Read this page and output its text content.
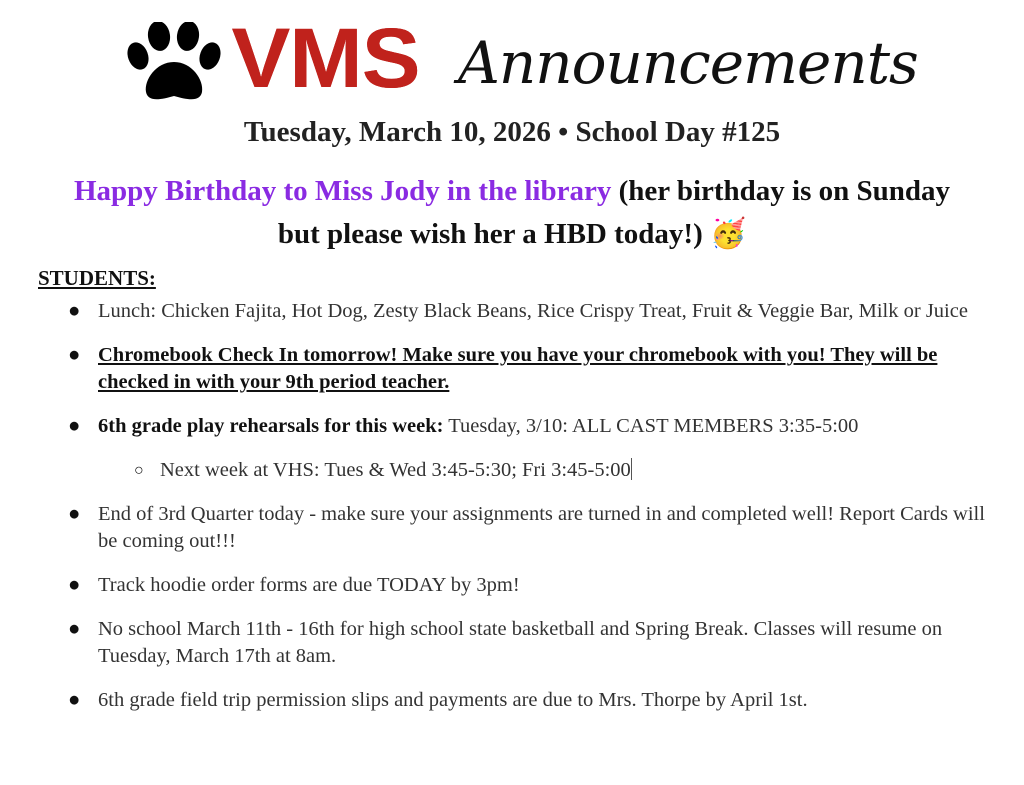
VMS Announcements
Tuesday, March 10, 2026 • School Day #125
Happy Birthday to Miss Jody in the library (her birthday is on Sunday but please wish her a HBD today!) 🥳
STUDENTS:
● Lunch: Chicken Fajita, Hot Dog, Zesty Black Beans, Rice Crispy Treat, Fruit & Veggie Bar, Milk or Juice
● Chromebook Check In tomorrow! Make sure you have your chromebook with you! They will be checked in with your 9th period teacher.
● 6th grade play rehearsals for this week: Tuesday, 3/10: ALL CAST MEMBERS 3:35-5:00
○ Next week at VHS: Tues & Wed 3:45-5:30; Fri 3:45-5:00
● End of 3rd Quarter today - make sure your assignments are turned in and completed well! Report Cards will be coming out!!!
● Track hoodie order forms are due TODAY by 3pm!
● No school March 11th - 16th for high school state basketball and Spring Break. Classes will resume on Tuesday, March 17th at 8am.
● 6th grade field trip permission slips and payments are due to Mrs. Thorpe by April 1st.
